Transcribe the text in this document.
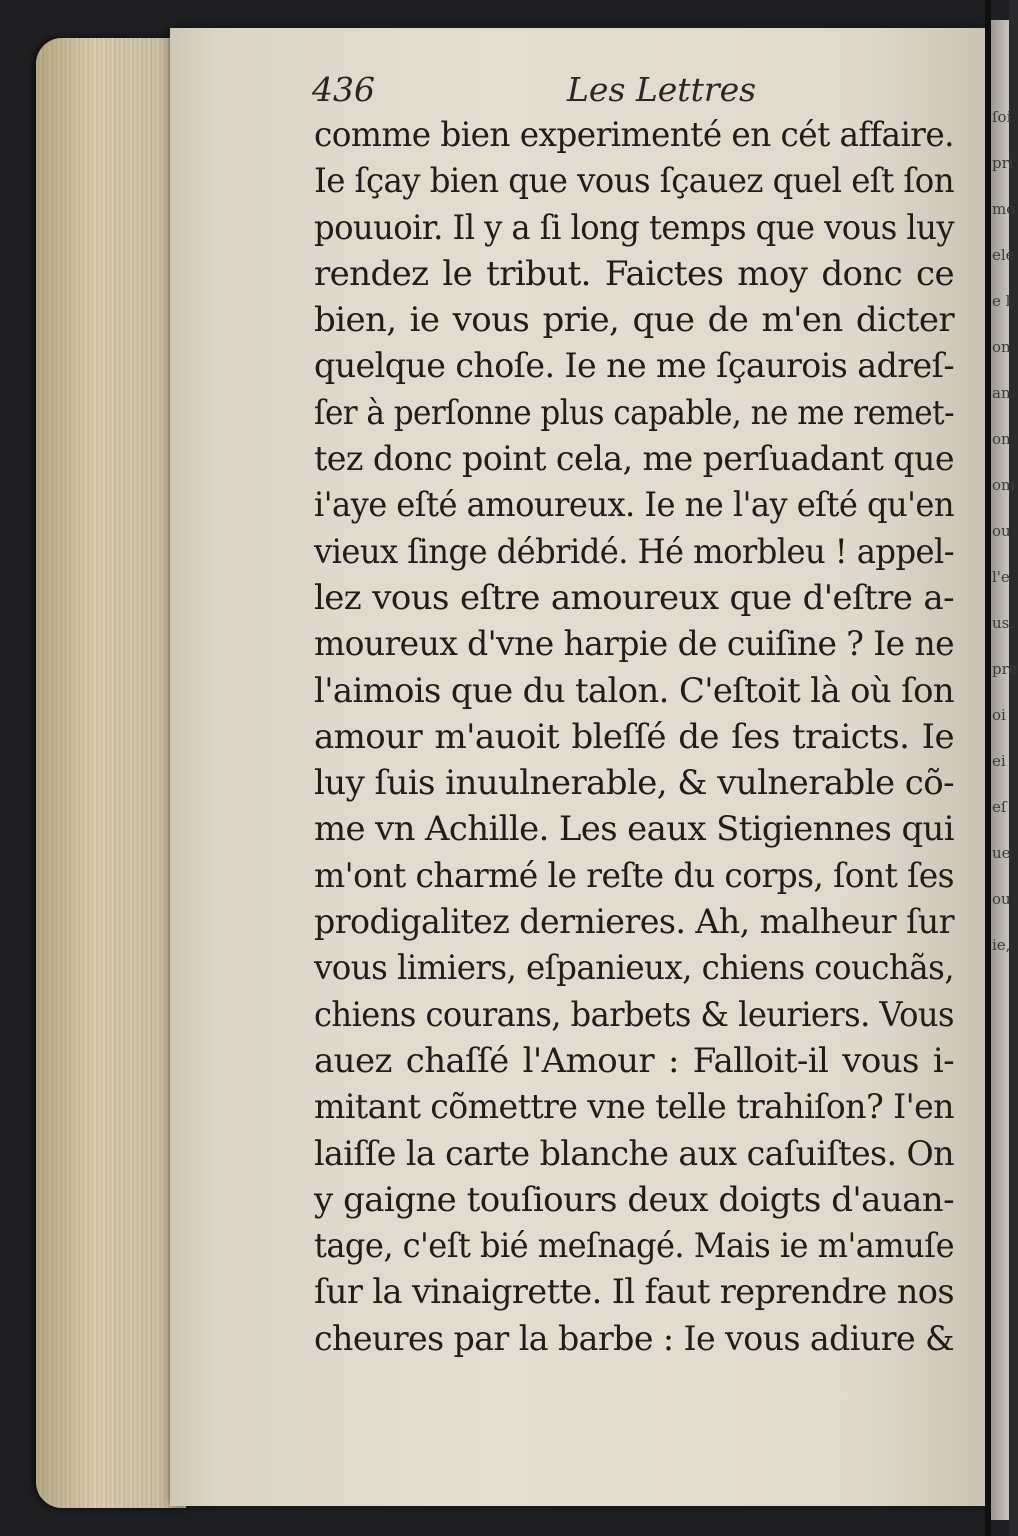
436	Les Lettres
comme bien experimenté en cét affaire.
Ie ſçay bien que vous ſçauez quel eſt ſon
pouuoir. Il y a ſi long temps que vous luy
rendez le tribut. Faictes moy donc ce
bien, ie vous prie, que de m'en dicter
quelque choſe. Ie ne me ſçaurois adreſ-
ſer à perſonne plus capable, ne me remet-
tez donc point cela, me perſuadant que
i'aye eſté amoureux. Ie ne l'ay eſté qu'en
vieux ſinge débridé. Hé morbleu ! appel-
lez vous eſtre amoureux que d'eſtre a-
moureux d'vne harpie de cuiſine ? Ie ne
l'aimois que du talon. C'eſtoit là où ſon
amour m'auoit bleſſé de ſes traicts. Ie
luy ſuis inuulnerable, & vulnerable cõ-
me vn Achille. Les eaux Stigiennes qui
m'ont charmé le reſte du corps, ſont ſes
prodigalitez dernieres. Ah, malheur ſur
vous limiers, eſpanieux, chiens couchãs,
chiens courans, barbets & leuriers. Vous
auez chaſſé l'Amour : Falloit-il vous i-
mitant cõmettre vne telle trahiſon? I'en
laiſſe la carte blanche aux caſuiſtes. On
y gaigne touſiours deux doigts d'auan-
tage, c'eſt bié meſnagé. Mais ie m'amuſe
ſur la vinaigrette. Il faut reprendre nos
cheures par la barbe : Ie vous adiure &
ſoi
pri
mo
ele
e l
on
an
on
om
ou
l'e
us.
pre
oi
ei
eſ
ue
ou
ie,
